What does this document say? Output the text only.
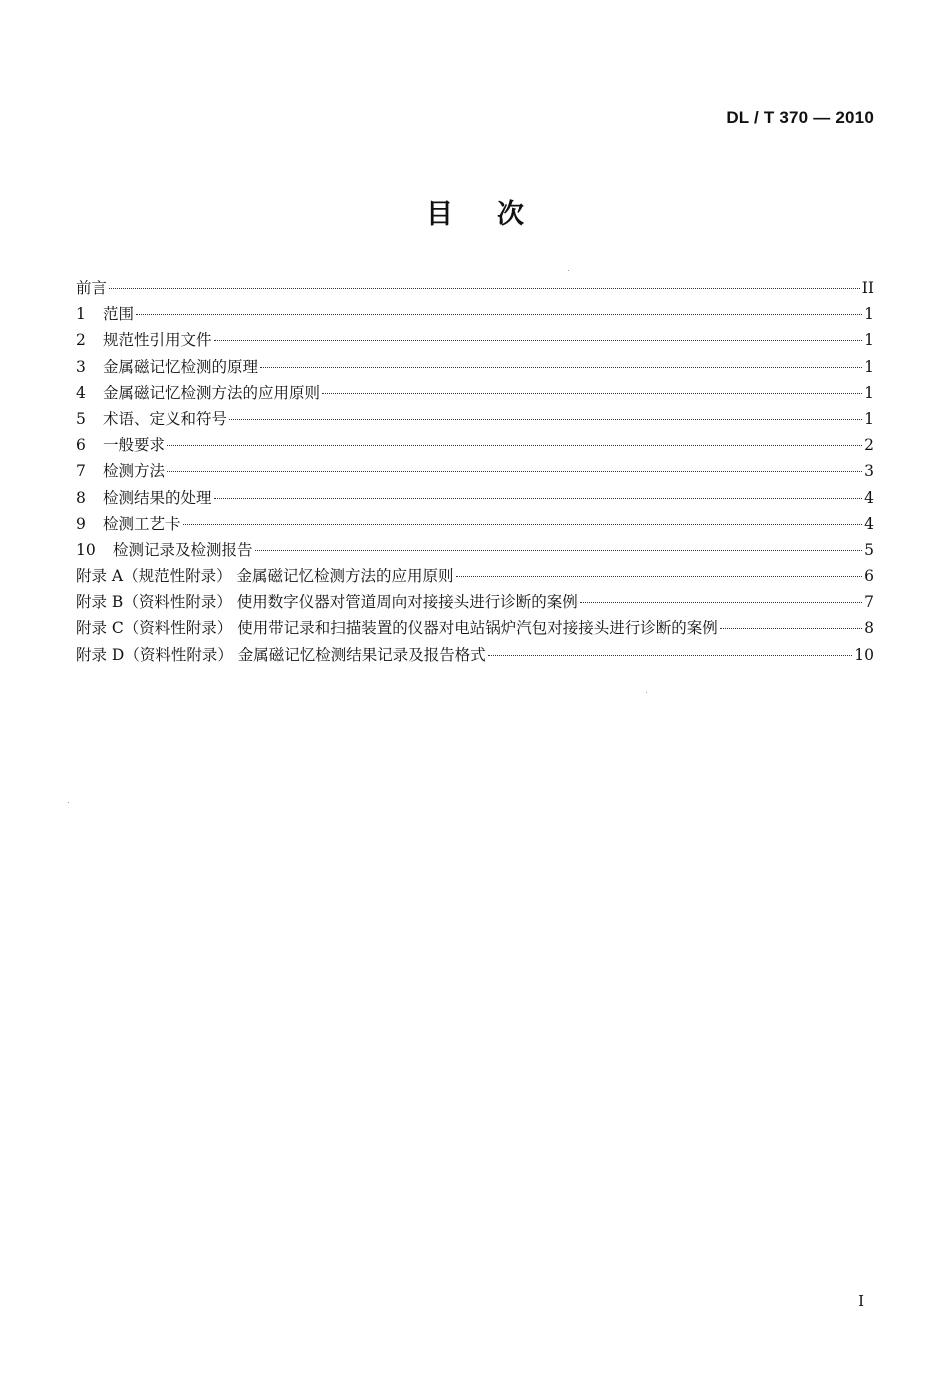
DL / T 370 — 2010
目次
前言	II
1	范围	1
2	规范性引用文件	1
3	金属磁记忆检测的原理	1
4	金属磁记忆检测方法的应用原则	1
5	术语、定义和符号	1
6	一般要求	2
7	检测方法	3
8	检测结果的处理	4
9	检测工艺卡	4
10	检测记录及检测报告	5
附录 A（规范性附录） 金属磁记忆检测方法的应用原则	6
附录 B（资料性附录） 使用数字仪器对管道周向对接接头进行诊断的案例	7
附录 C（资料性附录） 使用带记录和扫描装置的仪器对电站锅炉汽包对接接头进行诊断的案例	8
附录 D（资料性附录） 金属磁记忆检测结果记录及报告格式	10
I
